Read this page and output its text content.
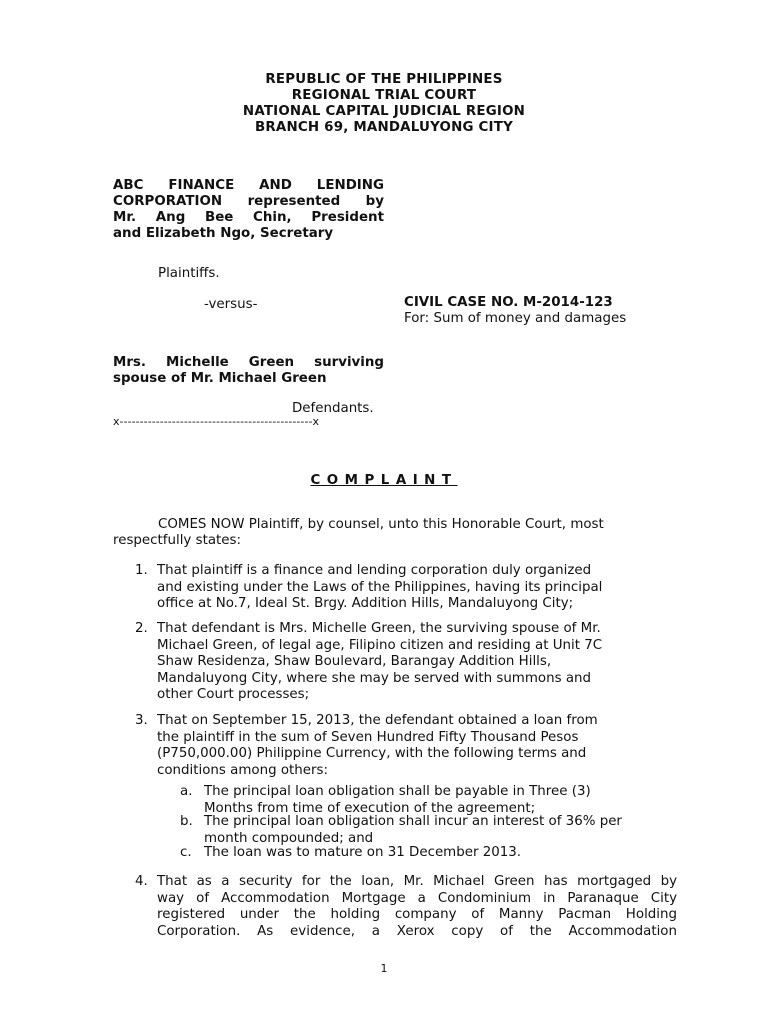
REPUBLIC OF THE PHILIPPINES
REGIONAL TRIAL COURT
NATIONAL CAPITAL JUDICIAL REGION
BRANCH 69, MANDALUYONG CITY
ABC FINANCE AND LENDING
CORPORATION represented by
Mr. Ang Bee Chin, President
and Elizabeth Ngo, Secretary
Plaintiffs.
-versus-	CIVIL CASE NO. M-2014-123
For: Sum of money and damages
Mrs. Michelle Green surviving
spouse of Mr. Michael Green
Defendants.
x------------------------------------------------x
COMPLAINT
COMES NOW Plaintiff, by counsel, unto this Honorable Court, most
respectfully states:
1. That plaintiff is a finance and lending corporation duly organized
and existing under the Laws of the Philippines, having its principal
office at No.7, Ideal St. Brgy. Addition Hills, Mandaluyong City;
2. That defendant is Mrs. Michelle Green, the surviving spouse of Mr.
Michael Green, of legal age, Filipino citizen and residing at Unit 7C
Shaw Residenza, Shaw Boulevard, Barangay Addition Hills,
Mandaluyong City, where she may be served with summons and
other Court processes;
3. That on September 15, 2013, the defendant obtained a loan from
the plaintiff in the sum of Seven Hundred Fifty Thousand Pesos
(P750,000.00) Philippine Currency, with the following terms and
conditions among others:
a. The principal loan obligation shall be payable in Three (3)
Months from time of execution of the agreement;
b. The principal loan obligation shall incur an interest of 36% per
month compounded; and
c. The loan was to mature on 31 December 2013.
4. That as a security for the loan, Mr. Michael Green has mortgaged by
way of Accommodation Mortgage a Condominium in Paranaque City
registered under the holding company of Manny Pacman Holding
Corporation. As evidence, a Xerox copy of the Accommodation
1
